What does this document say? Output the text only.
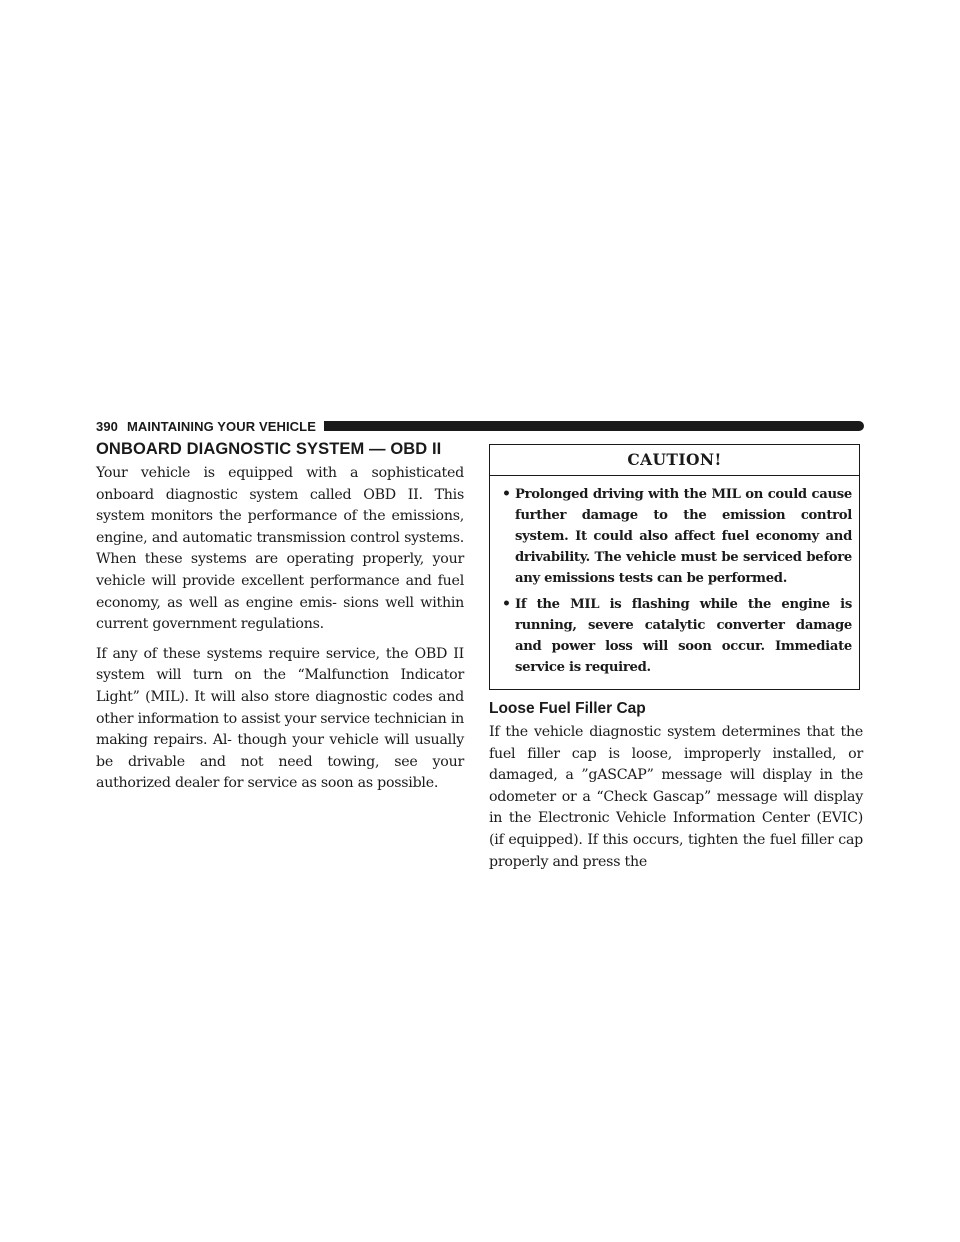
390 MAINTAINING YOUR VEHICLE
ONBOARD DIAGNOSTIC SYSTEM — OBD II

Your vehicle is equipped with a sophisticated onboard diagnostic system called OBD II. This system monitors the performance of the emissions, engine, and automatic transmission control systems. When these systems are operating properly, your vehicle will provide excellent performance and fuel economy, as well as engine emis- sions well within current government regulations.

If any of these systems require service, the OBD II system will turn on the “Malfunction Indicator Light” (MIL). It will also store diagnostic codes and other information to assist your service technician in making repairs. Al- though your vehicle will usually be drivable and not need towing, see your authorized dealer for service as soon as possible.

CAUTION!
• Prolonged driving with the MIL on could cause further damage to the emission control system. It could also affect fuel economy and drivability. The vehicle must be serviced before any emissions tests can be performed.
• If the MIL is flashing while the engine is running, severe catalytic converter damage and power loss will soon occur. Immediate service is required.
Loose Fuel Filler Cap

If the vehicle diagnostic system determines that the fuel filler cap is loose, improperly installed, or damaged, a ”gASCAP” message will display in the odometer or a “Check Gascap” message will display in the Electronic Vehicle Information Center (EVIC) (if equipped). If this occurs, tighten the fuel filler cap properly and press the
